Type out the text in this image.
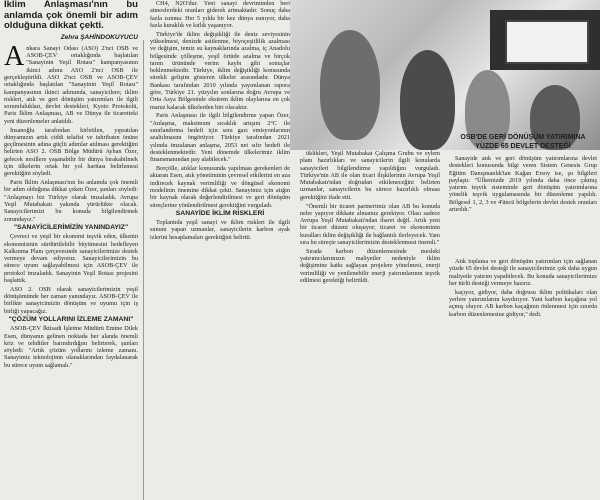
İklim Anlaşması'nın bu anlamda çok önemli bir adım olduğuna dikkat çekti.

Zehra ŞAHİNDOKUYUCU

Ankara Sanayi Odası (ASO) 2'nci OSB ve ASOB-ÇEV ortaklığında başlatılan "Sanayinin Yeşil Rotası" kampanyasının ikinci adımı ASO 2'nci OSB ile gerçekleştirildi. ASO 2'nci OSB ve ASOB-ÇEV ortaklığında başlatılan "Sanayinin Yeşil Rotası" kampanyasının ikinci adımında, sanayicilere; iklim riskleri, atık ve geri dönüşüm yatırımları ile ilgili sorumlulukları, devlet destekleri, Kyoto Protokolü, Paris İklim Anlaşması, AB ve Dünya ile ticaretteki yeni düzenlemeler anlatıldı.

İnsanoğlu tarafından kirletilen, yıpratılan dünyamızın artık ciddi telafisi ve tahribatın önüne geçilmesinin adına güçlü adımlar atılması gerektiğini belirten ASO 2. OSB Bölge Müdürü Ayhan Özer, gelecek nesillere yaşanabilir bir dünya bırakabilmek için ülkelerin ortak bir yol haritası belirlemesi gerektiğini söyledi.

Paris İklim Anlaşması'nın bu anlamda çok önemli bir adım olduğuna dikkat çeken Özer, şunları söyledi: "Anlaşmayı biz Türkiye olarak imzaladık. Avrupa Yeşil Mutabakatı yakında yürürlükte olacak. Sanayicilerimizi bu konuda bilgilendirmek zorundayız."

"SANAYİCİLERİMİZİN YANINDAYIZ"

Çevreci ve yeşil bir ekonomi teşvik eden, ülkenin ekonomisinin sürdürülebilir büyümesini hedefleyen Kalkınma Planı çerçevesinde sanayicilerimize destek vermeye devam ediyoruz. Sanayicilerimizin bu sürece uyum sağlayabilmesi için ASOB-ÇEV ile protokol imzaladık. Sanayinin Yeşil Rotası projesini başlattık.

ASO 2. OSB olarak sanayicilerimizin yeşil dönüşümünde her zaman yanındayız. ASOB-ÇEV ile birlikte sanayicimizin dönüşüm ve uyumu için iş birliği yapacağız.

"ÇÖZÜM YOLLARINI İZLEME ZAMANI"

ASOB-ÇEV İktisadi İşletme Müdürü Emine Dilek Esen, dünyanın gelinen noktada her alanda önemli kriz ve tehditler barındırdığını belirterek, şunları söyledi: "Artık çözüm yollarını izleme zamanı. Sanayimiz teknolojinin olanaklarından faydalanarak bu sürece uyum sağlamalı."

CH4, N2O'dur. Yeni sanayi devriminden beri atmosferdeki oranları giderek artmaktadır. Sonuç daha fazla ısınma. Her 5 yılda bir kez dünya ısınıyor, daha fazla kuraklık ve kıtlık yaşanıyor.

Türkiye'de iklim değişikliği ile deniz seviyesinin yükselmesi, denizde asitlenme, biyoçeşitlilik azalması ve değişim, temiz su kaynaklarında azalma, iç Anadolu bölgesinde çölleşme, yeşil örtüde azalma ve birçok tarım ürününde verim kaybı gibi sonuçlar beklenmektedir. Türkiye, iklim değişikliği konusunda sürekli gelişim gösteren ülkeler arasındadır. Dünya Bankası tarafından 2010 yılında yayımlanan rapora göre, Türkiye 21. yüzyılın sonlarına doğru Avrupa ve Orta Asya Bölgesinde ekstrem iklim olaylarına en çok maruz kalacak ülkelerden biri olacaktır.

Paris Anlaşması ile ilgili bilgilendirme yapan Özer, "Anlaşma, maksimum sıcaklık artışını 2°C ile sınırlandırma hedefi için sera gazı emisyonlarının azaltılmasını öngörüyor. Türkiye tarafından 2021 yılında imzalanan anlaşma, 2053 net sıfır hedefi ile desteklenmektedir. Yeni dönemde ülkelerimiz iklim finansmanından pay alabilecek."

Borçölle, atıklar konusunda yapılması gerekenleri de aktaran Esen, atık yönetiminin çevresel etkilerini en aza indirecek kaynak verimliliği ve döngüsel ekonomi modelinin önemine dikkat çekti. Sanayimiz için atığın bir kaynak olarak değerlendirilmesi ve geri dönüşüm süreçlerine yönlendirilmesi gerektiğini vurguladı.

SANAYİDE İKLİM RİSKLERİ

Toplantıda yeşil sanayi ve iklim riskleri ile ilgili sunum yapan uzmanlar, sanayicilerin karbon ayak izlerini hesaplamaları gerektiğini belirtti.

üklikleri, Yeşil Mutabakat Çalışma Grubu ve eylem planı hazırlıkları ve sanayicilerin ilgili konularda sanayicileri bilgilendirme yapıldığını vurguladı. Türkiye'nin AB ile olan ticari ilişkilerinin Avrupa Yeşil Mutabakatı'ndan doğrudan etkileneceğini belirten uzmanlar, sanayicilerin bu sürece hazırlıklı olması gerektiğini ifade etti.

"Önemli bir ticaret partnerimiz olan AB bu konuda neler yapıyor dikkate almamız gerekiyor. Olası sadece Avrupa Yeşil Mutabakatı'ndan ibaret değil. Artık yeni bir ticaret düzeni oluşuyor; ticaret ve ekonominin kuralları iklim değişikliği ile bağlantılı ilerleyecek. Yanı sıra bu süreçte sanayicilerimizin desteklenmesi önemli."

Sırada karbon düzenlemesinde mesleki yatırımcılarımızın maliyetler nedeniyle iklim değişimine katkı sağlayan projelere yönelmesi, enerji verimliliği ve yenilenebilir enerji yatırımlarının teşvik edilmesi gerektiği belirtildi.

OSB'DE GERİ DÖNÜŞÜM YATIRIMINA YÜZDE 65 DEVLET DESTEĞİ

Sanayide atık ve geri dönüşüm yatırımlarına devlet destekleri konusunda bilgi veren Sistem Genesis Grup Eğitim Danışmanlık'tan Kağan Ersoy ise, şu bilgileri paylaştı: "Ülkemizde 2019 yılında daha önce çıkmış yatırım teşvik sisteminde geri dönüşüm yatırımlarına yönelik teşvik uygulamasında bir düzenleme yapıldı. Bölgesel 1, 2, 3 ve 4'üncü bölgelerin devlet destek oranları artırıldı."

Atık toplama ve geri dönüşüm yatırımları için sağlanan yüzde 65 devlet desteği ile sanayicilerimiz çok daha uygun maliyetle yatırım yapabilecek. Bu konuda sanayicilerimize her türlü desteği vermeye hazırız.

kaçıyor, gidiyor, daha doğrusu iklim politikaları olan yerlere yatırımlarını kaydırıyor. Yani karbon kaçağına yol açmış oluyor. AB karbon kaçağının önlenmesi için sınırda karbon düzenlemesine gidiyor," dedi.
